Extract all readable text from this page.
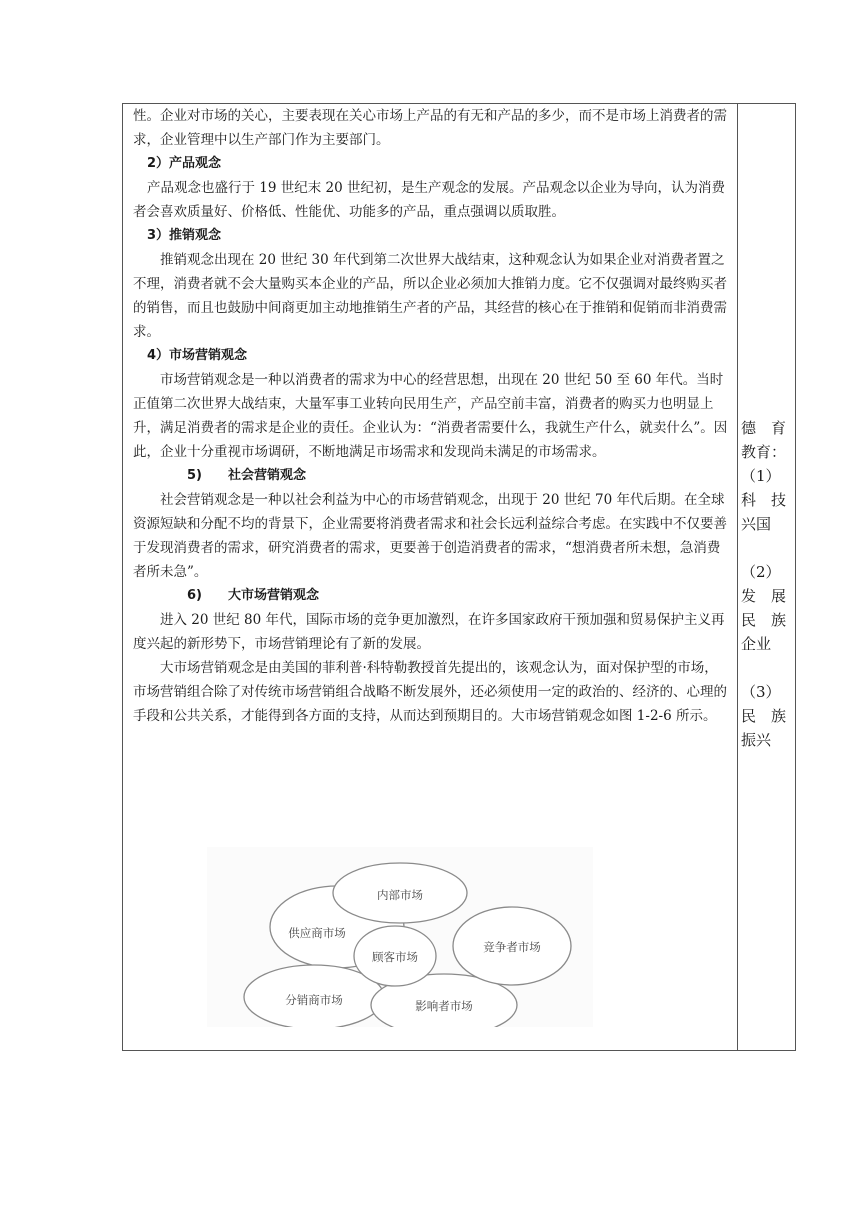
性。企业对市场的关心，主要表现在关心市场上产品的有无和产品的多少，而不是市场上消费者的需求，企业管理中以生产部门作为主要部门。

2）产品观念

产品观念也盛行于 19 世纪末 20 世纪初，是生产观念的发展。产品观念以企业为导向，认为消费者会喜欢质量好、价格低、性能优、功能多的产品，重点强调以质取胜。

3）推销观念

推销观念出现在 20 世纪 30 年代到第二次世界大战结束，这种观念认为如果企业对消费者置之不理，消费者就不会大量购买本企业的产品，所以企业必须加大推销力度。它不仅强调对最终购买者的销售，而且也鼓励中间商更加主动地推销生产者的产品，其经营的核心在于推销和促销而非消费需求。

4）市场营销观念

市场营销观念是一种以消费者的需求为中心的经营思想，出现在 20 世纪 50 至 60 年代。当时正值第二次世界大战结束，大量军事工业转向民用生产，产品空前丰富，消费者的购买力也明显上升，满足消费者的需求是企业的责任。企业认为：“消费者需要什么，我就生产什么，就卖什么”。因此，企业十分重视市场调研，不断地满足市场需求和发现尚未满足的市场需求。

5)　　社会营销观念

社会营销观念是一种以社会利益为中心的市场营销观念，出现于 20 世纪 70 年代后期。在全球资源短缺和分配不均的背景下，企业需要将消费者需求和社会长远利益综合考虑。在实践中不仅要善于发现消费者的需求，研究消费者的需求，更要善于创造消费者的需求，“想消费者所未想，急消费者所未急”。

6)　　大市场营销观念

进入 20 世纪 80 年代，国际市场的竞争更加激烈，在许多国家政府干预加强和贸易保护主义再度兴起的新形势下，市场营销理论有了新的发展。

大市场营销观念是由美国的菲利普·科特勒教授首先提出的，该观念认为，面对保护型的市场，市场营销组合除了对传统市场营销组合战略不断发展外，还必须使用一定的政治的、经济的、心理的手段和公共关系，才能得到各方面的支持，从而达到预期目的。大市场营销观念如图 1-2-6 所示。

内部市场
供应商市场
顾客市场
竞争者市场
分销商市场	影响者市场
德　育
教育：
（1）
科　技
兴国
（2）
发　展
民　族
企业
（3）
民　族
振兴
